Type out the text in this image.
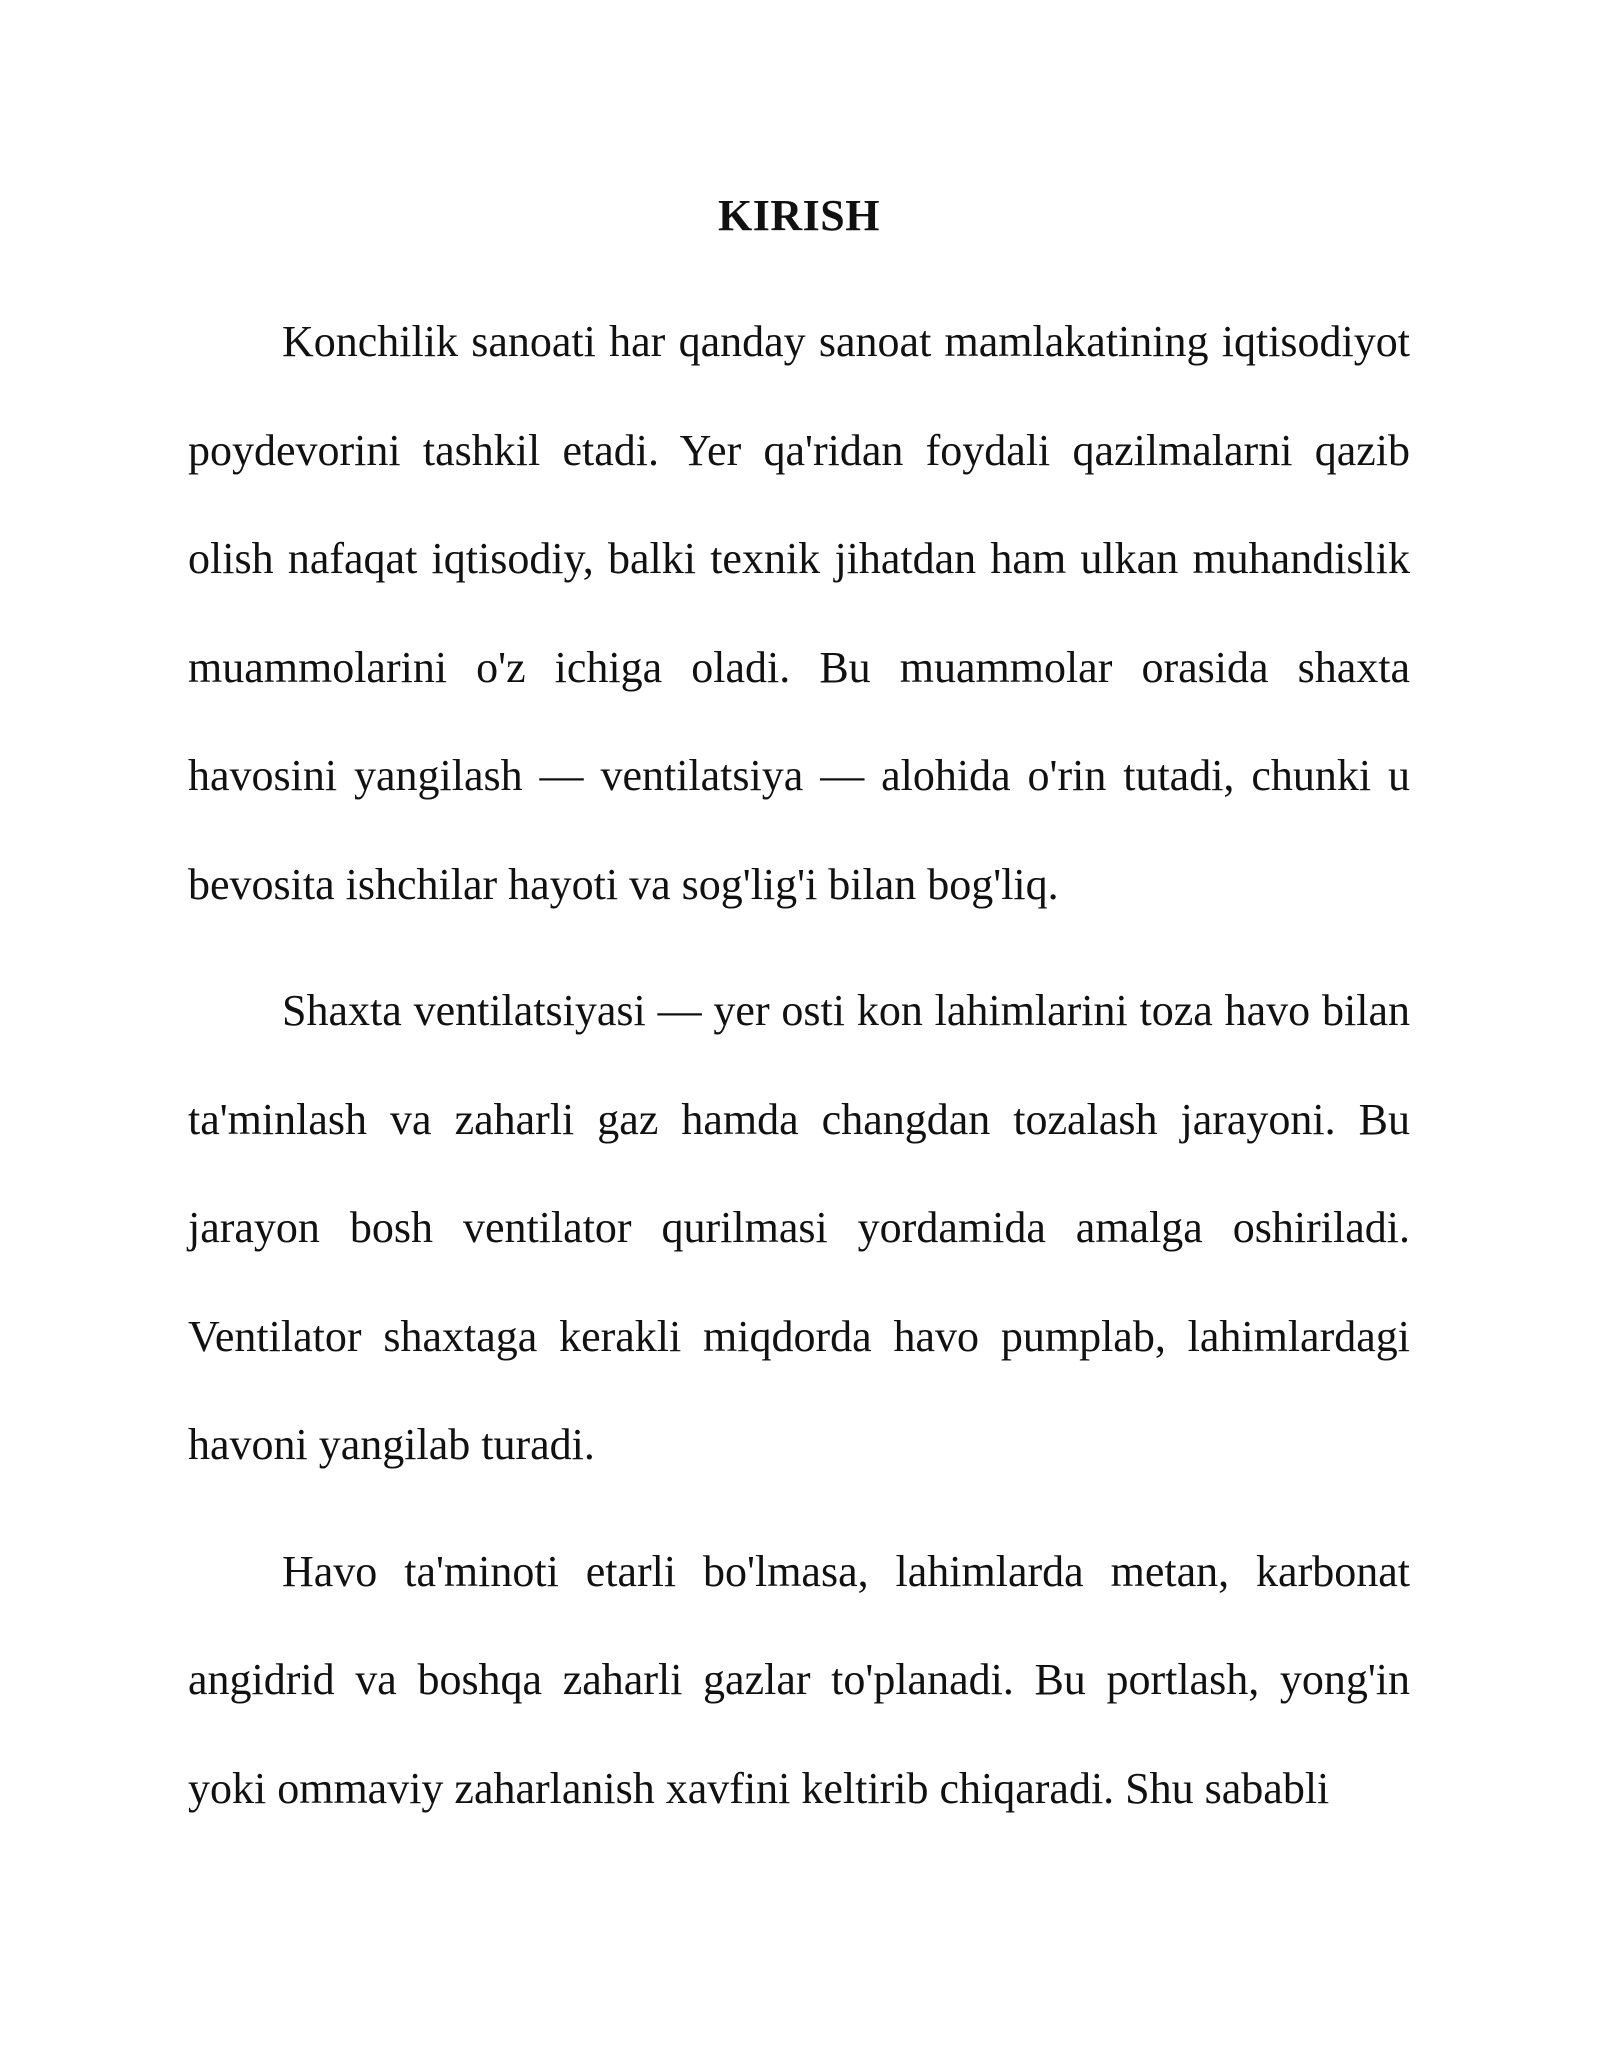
KIRISH

Konchilik sanoati har qanday sanoat mamlakatining iqtisodiyot poydevorini tashkil etadi. Yer qa'ridan foydali qazilmalarni qazib olish nafaqat iqtisodiy, balki texnik jihatdan ham ulkan muhandislik muammolarini o'z ichiga oladi. Bu muammolar orasida shaxta havosini yangilash — ventilatsiya — alohida o'rin tutadi, chunki u bevosita ishchilar hayoti va sog'lig'i bilan bog'liq.

Shaxta ventilatsiyasi — yer osti kon lahimlarini toza havo bilan ta'minlash va zaharli gaz hamda changdan tozalash jarayoni. Bu jarayon bosh ventilator qurilmasi yordamida amalga oshiriladi. Ventilator shaxtaga kerakli miqdorda havo pumplab, lahimlardagi havoni yangilab turadi.

Havo ta'minoti etarli bo'lmasa, lahimlarda metan, karbonat angidrid va boshqa zaharli gazlar to'planadi. Bu portlash, yong'in yoki ommaviy zaharlanish xavfini keltirib chiqaradi. Shu sababli
